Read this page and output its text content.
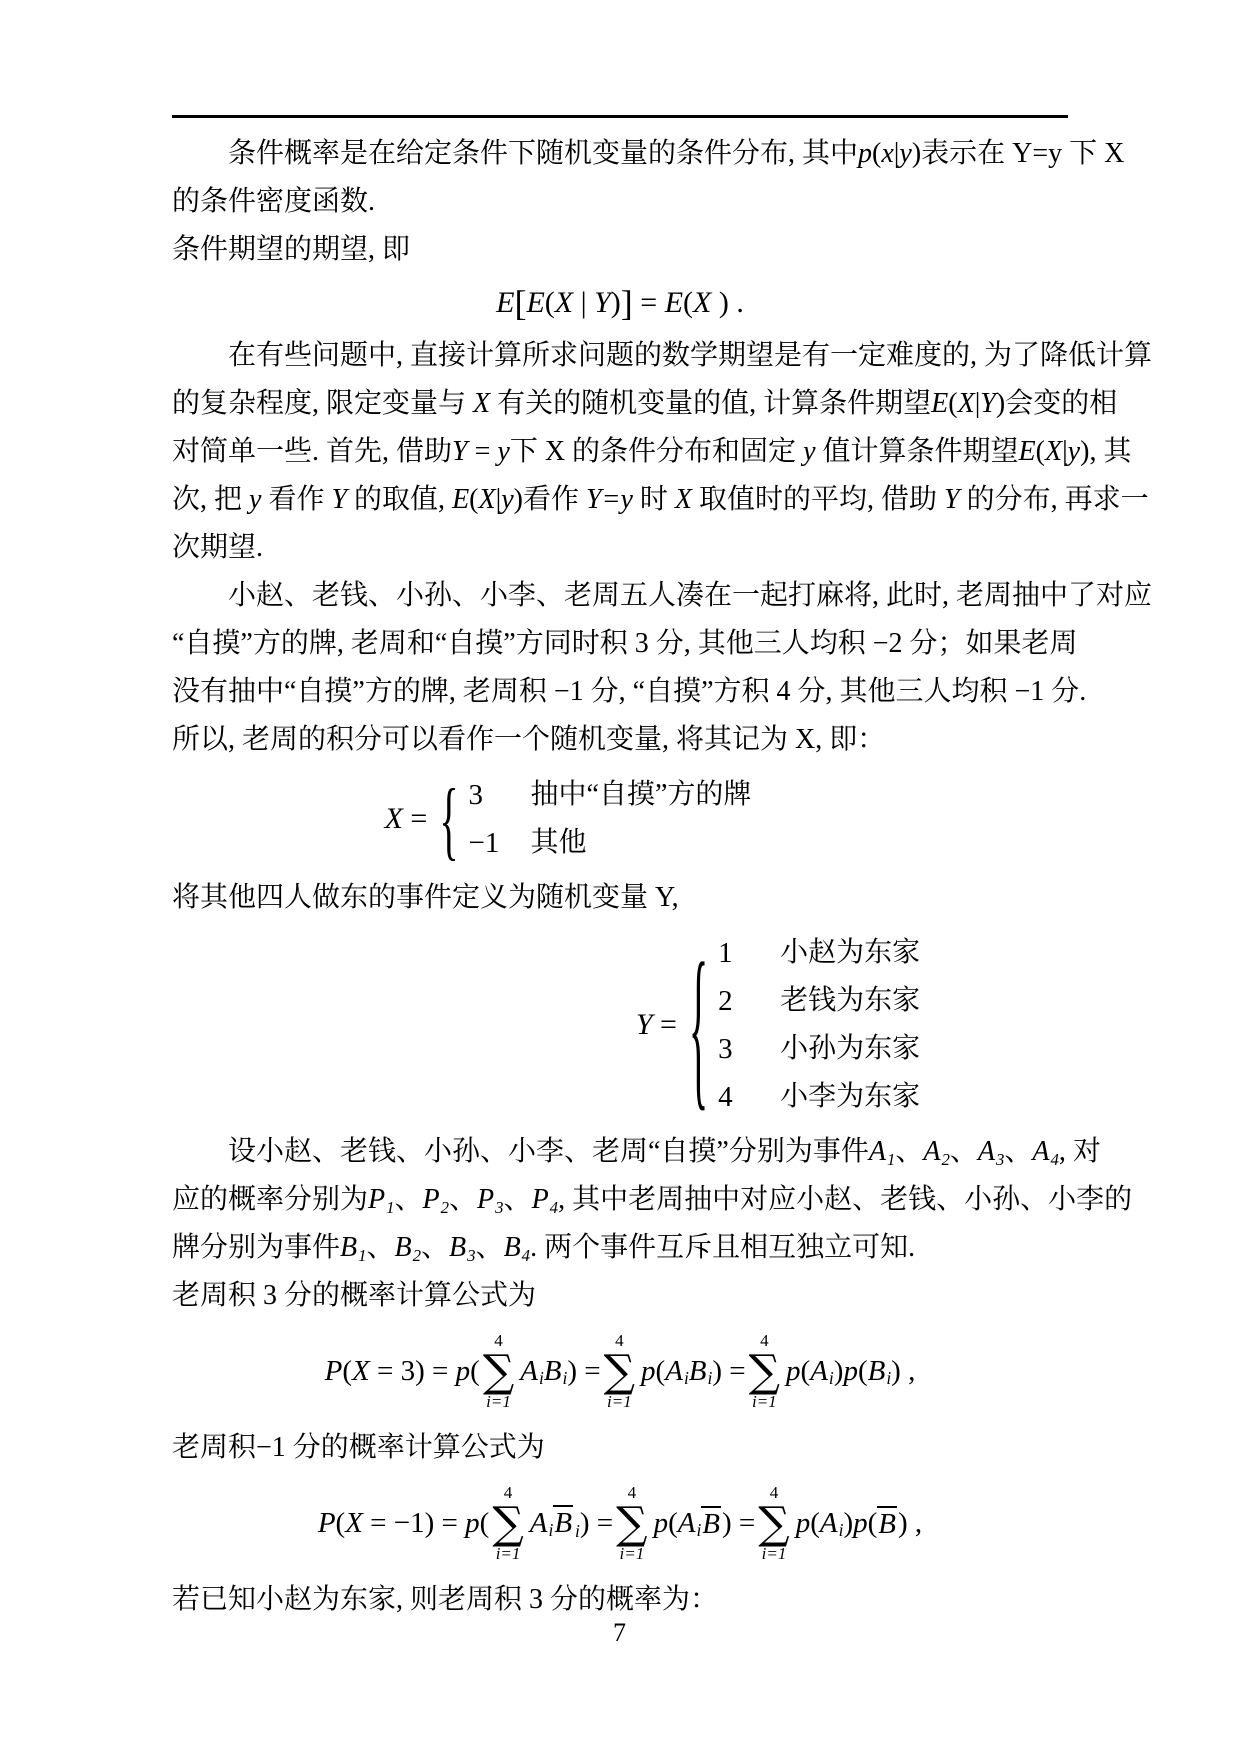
条件概率是在给定条件下随机变量的条件分布, 其中p(x|y)表示在 Y=y 下 X
的条件密度函数.
条件期望的期望, 即
E [ E ( X | Y ) ] = E ( X ) .
在有些问题中, 直接计算所求问题的数学期望是有一定难度的, 为了降低计算
的复杂程度, 限定变量与 X 有关的随机变量的值, 计算条件期望E(X|Y)会变的相
对简单一些. 首先, 借助Y = y下 X 的条件分布和固定 y 值计算条件期望E(X|y), 其
次, 把 y 看作 Y 的取值, E(X|y)看作 Y=y 时 X 取值时的平均, 借助 Y 的分布, 再求一
次期望.
小赵、老钱、小孙、小李、老周五人凑在一起打麻将, 此时, 老周抽中了对应
“自摸”方的牌, 老周和“自摸”方同时积 3 分, 其他三人均积 −2 分；如果老周
没有抽中“自摸”方的牌, 老周积 −1 分, “自摸”方积 4 分, 其他三人均积 −1 分.
所以, 老周的积分可以看作一个随机变量, 将其记为 X, 即：
X = { 3	抽中“自摸”方的牌
−1	其他
将其他四人做东的事件定义为随机变量 Y,
Y = { 1	小赵为东家
2	老钱为东家
3	小孙为东家
4	小李为东家
设小赵、老钱、小孙、小李、老周“自摸”分别为事件$A_1$、$A_2$、$A_3$、$A_4$, 对
应的概率分别为$P_1$、$P_2$、$P_3$、$P_4$, 其中老周抽中对应小赵、老钱、小孙、小李的
牌分别为事件$B_1$、$B_2$、$B_3$、$B_4$. 两个事件互斥且相互独立可知.
老周积 3 分的概率计算公式为
P ( X = 3) = p (
4
∑
i=1
$A_i$ $B_i$ ) =
4
∑
i=1
p ( $A_i$ $B_i$ ) =
4
∑
i=1
p ( $A_i$ ) p ( $B_i$ ) ,
老周积−1 分的概率计算公式为
P ( X = −1) = p (
4
∑
i=1
$A_i$ B $_i$ ) =
4
∑
i=1
p ( $A_i$ B ) =
4
∑
i=1
p ( $A_i$ ) p ( B ) ,
若已知小赵为东家, 则老周积 3 分的概率为：
7
